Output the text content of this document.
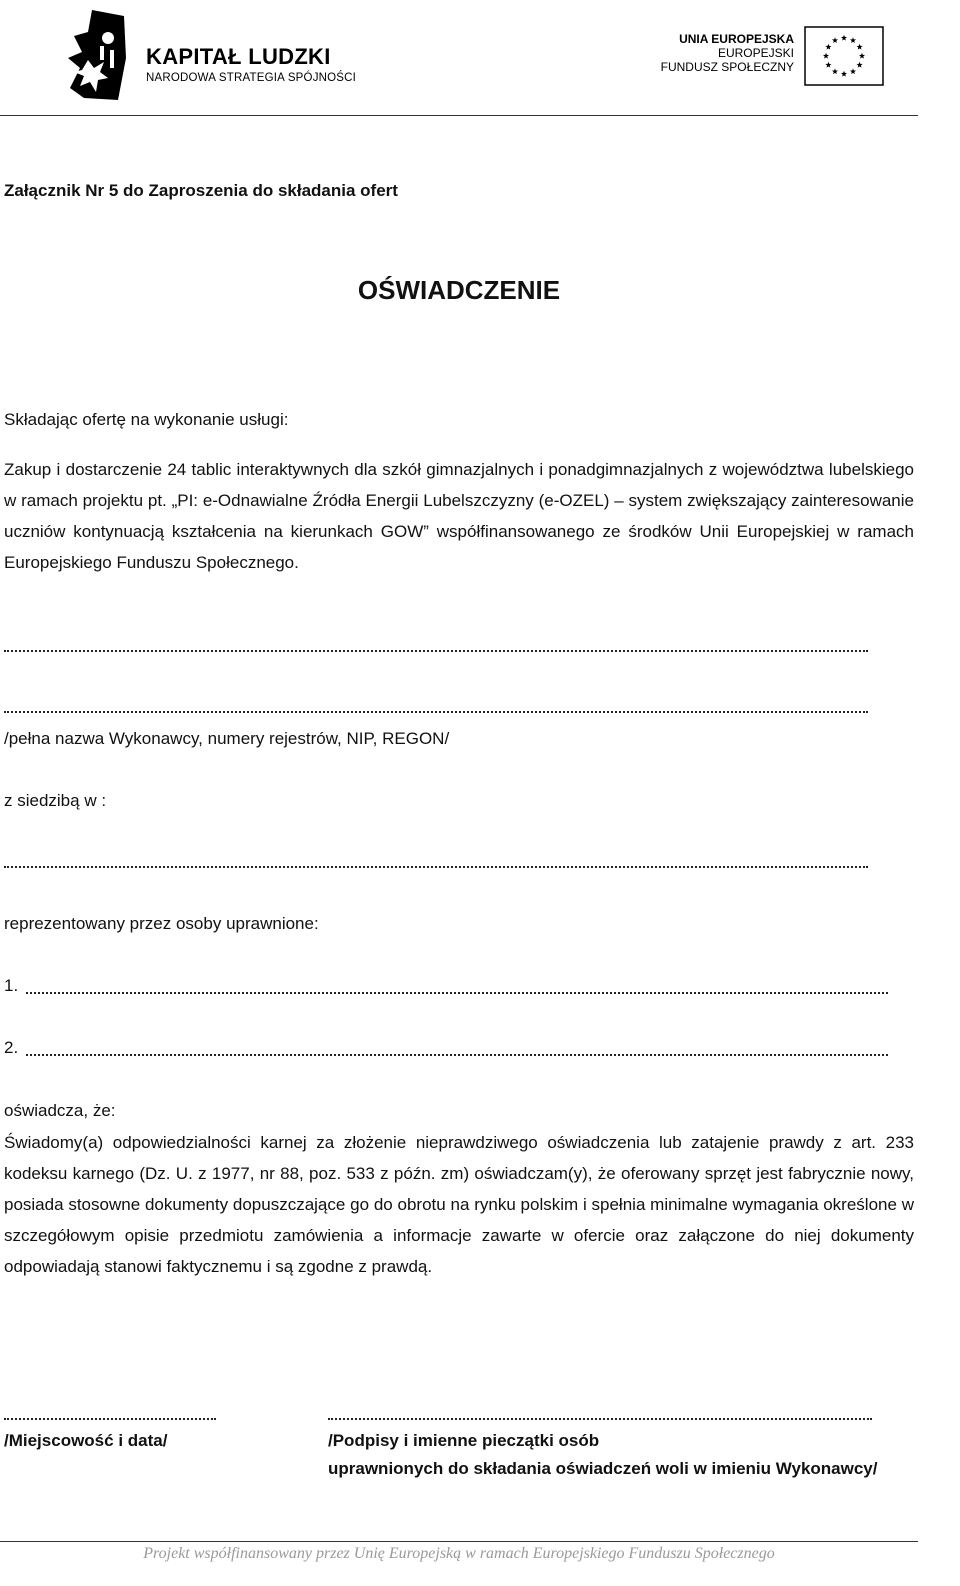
KAPITAŁ LUDZKI
NARODOWA STRATEGIA SPÓJNOŚCI
UNIA EUROPEJSKA
EUROPEJSKI
FUNDUSZ SPOŁECZNY
Załącznik Nr 5 do Zaproszenia do składania ofert
OŚWIADCZENIE
Składając ofertę na wykonanie usługi:
Zakup i dostarczenie 24 tablic interaktywnych dla szkół gimnazjalnych i ponadgimnazjalnych z województwa lubelskiego w ramach projektu pt. „PI: e-Odnawialne Źródła Energii Lubelszczyzny (e-OZEL) – system zwiększający zainteresowanie uczniów kontynuacją kształcenia na kierunkach GOW” współfinansowanego ze środków Unii Europejskiej w ramach Europejskiego Funduszu Społecznego.
/pełna nazwa Wykonawcy, numery rejestrów, NIP, REGON/
z siedzibą w :
reprezentowany przez osoby uprawnione:
1.
2.
oświadcza, że:
Świadomy(a) odpowiedzialności karnej za złożenie nieprawdziwego oświadczenia lub zatajenie prawdy z art. 233 kodeksu karnego (Dz. U. z 1977, nr 88, poz. 533 z późn. zm) oświadczam(y), że oferowany sprzęt jest fabrycznie nowy, posiada stosowne dokumenty dopuszczające go do obrotu na rynku polskim i spełnia minimalne wymagania określone w szczegółowym opisie przedmiotu zamówienia a informacje zawarte w ofercie oraz załączone do niej dokumenty odpowiadają stanowi faktycznemu i są zgodne z prawdą.
/Miejscowość i data/	/Podpisy i imienne pieczątki osób
uprawnionych do składania oświadczeń woli w imieniu Wykonawcy/
Projekt współfinansowany przez Unię Europejską w ramach Europejskiego Funduszu Społecznego
